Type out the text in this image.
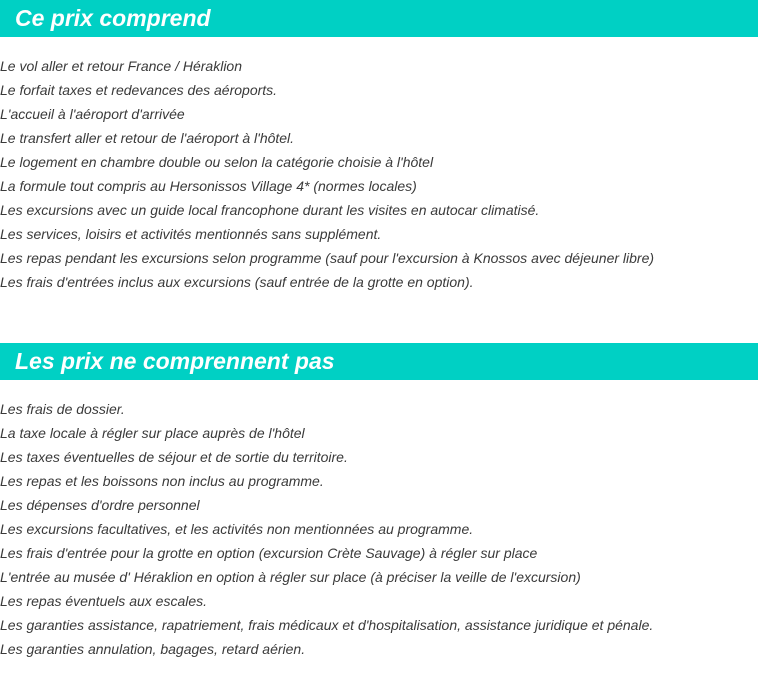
Ce prix comprend
Le vol aller et retour France / Héraklion
Le forfait taxes et redevances des aéroports.
L'accueil à l'aéroport d'arrivée
Le transfert aller et retour de l'aéroport à l'hôtel.
Le logement en chambre double ou selon la catégorie choisie à l'hôtel
La formule tout compris au Hersonissos Village 4* (normes locales)
Les excursions avec un guide local francophone durant les visites en autocar climatisé.
Les services, loisirs et activités mentionnés sans supplément.
Les repas pendant les excursions selon programme (sauf pour l'excursion à Knossos avec déjeuner libre)
Les frais d'entrées inclus aux excursions (sauf entrée de la grotte en option).
Les prix ne comprennent pas
Les frais de dossier.
La taxe locale à régler sur place auprès de l'hôtel
Les taxes éventuelles de séjour et de sortie du territoire.
Les repas et les boissons non inclus au programme.
Les dépenses d'ordre personnel
Les excursions facultatives, et les activités non mentionnées au programme.
Les frais d'entrée pour la grotte en option (excursion Crète Sauvage) à régler sur place
L'entrée au musée d' Héraklion en option à régler sur place (à préciser la veille de l'excursion)
Les repas éventuels aux escales.
Les garanties assistance, rapatriement, frais médicaux et d'hospitalisation, assistance juridique et pénale.
Les garanties annulation, bagages, retard aérien.
